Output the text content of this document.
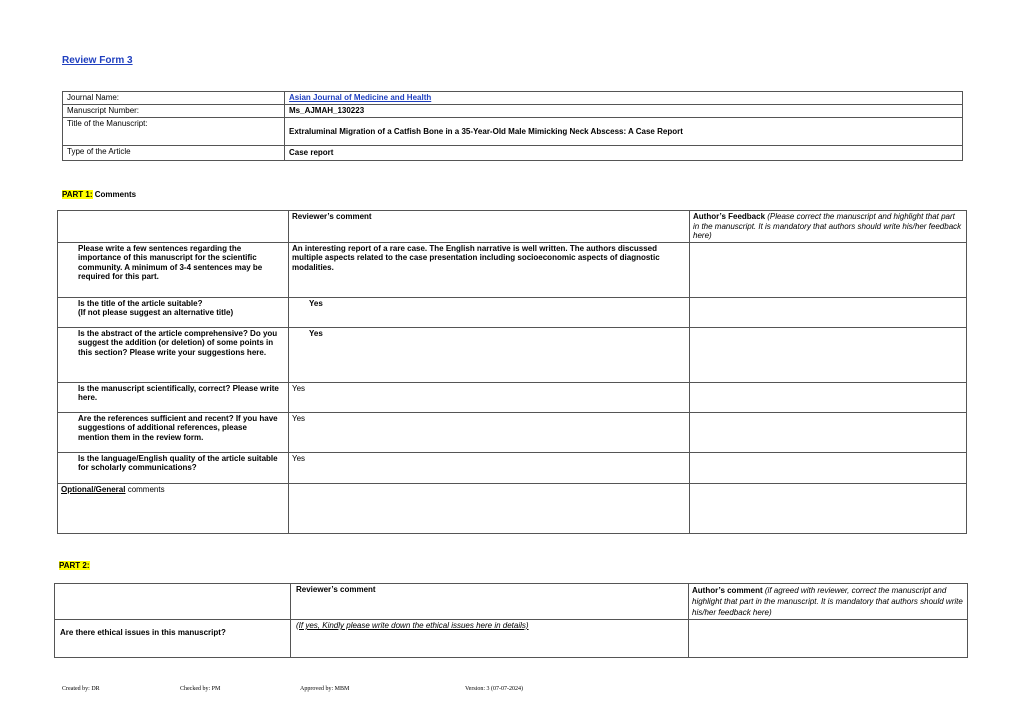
Review Form 3
Journal Name:	Asian Journal of Medicine and Health
Manuscript Number:	Ms_AJMAH_130223
Title of the Manuscript:	Extraluminal Migration of a Catfish Bone in a 35-Year-Old Male Mimicking Neck Abscess: A Case Report
Type of the Article	Case report
PART 1: Comments
	Reviewer’s comment	Author’s Feedback (Please correct the manuscript and highlight that part in the manuscript. It is mandatory that authors should write his/her feedback here)
Please write a few sentences regarding the importance of this manuscript for the scientific community. A minimum of 3-4 sentences may be required for this part.	An interesting report of a rare case. The English narrative is well written. The authors discussed multiple aspects related to the case presentation including socioeconomic aspects of diagnostic modalities.	
Is the title of the article suitable?
(If not please suggest an alternative title)	Yes	
Is the abstract of the article comprehensive? Do you suggest the addition (or deletion) of some points in this section? Please write your suggestions here.	Yes	
Is the manuscript scientifically, correct? Please write here.	Yes	
Are the references sufficient and recent? If you have suggestions of additional references, please mention them in the review form.	Yes	
Is the language/English quality of the article suitable for scholarly communications?	Yes	
Optional/General comments		
PART 2:
	Reviewer’s comment	Author’s comment (if agreed with reviewer, correct the manuscript and highlight that part in the manuscript. It is mandatory that authors should write his/her feedback here)
Are there ethical issues in this manuscript?	(If yes, Kindly please write down the ethical issues here in details)	
Created by: DR	Checked by: PM	Approved by: MBM	Version: 3 (07-07-2024)
